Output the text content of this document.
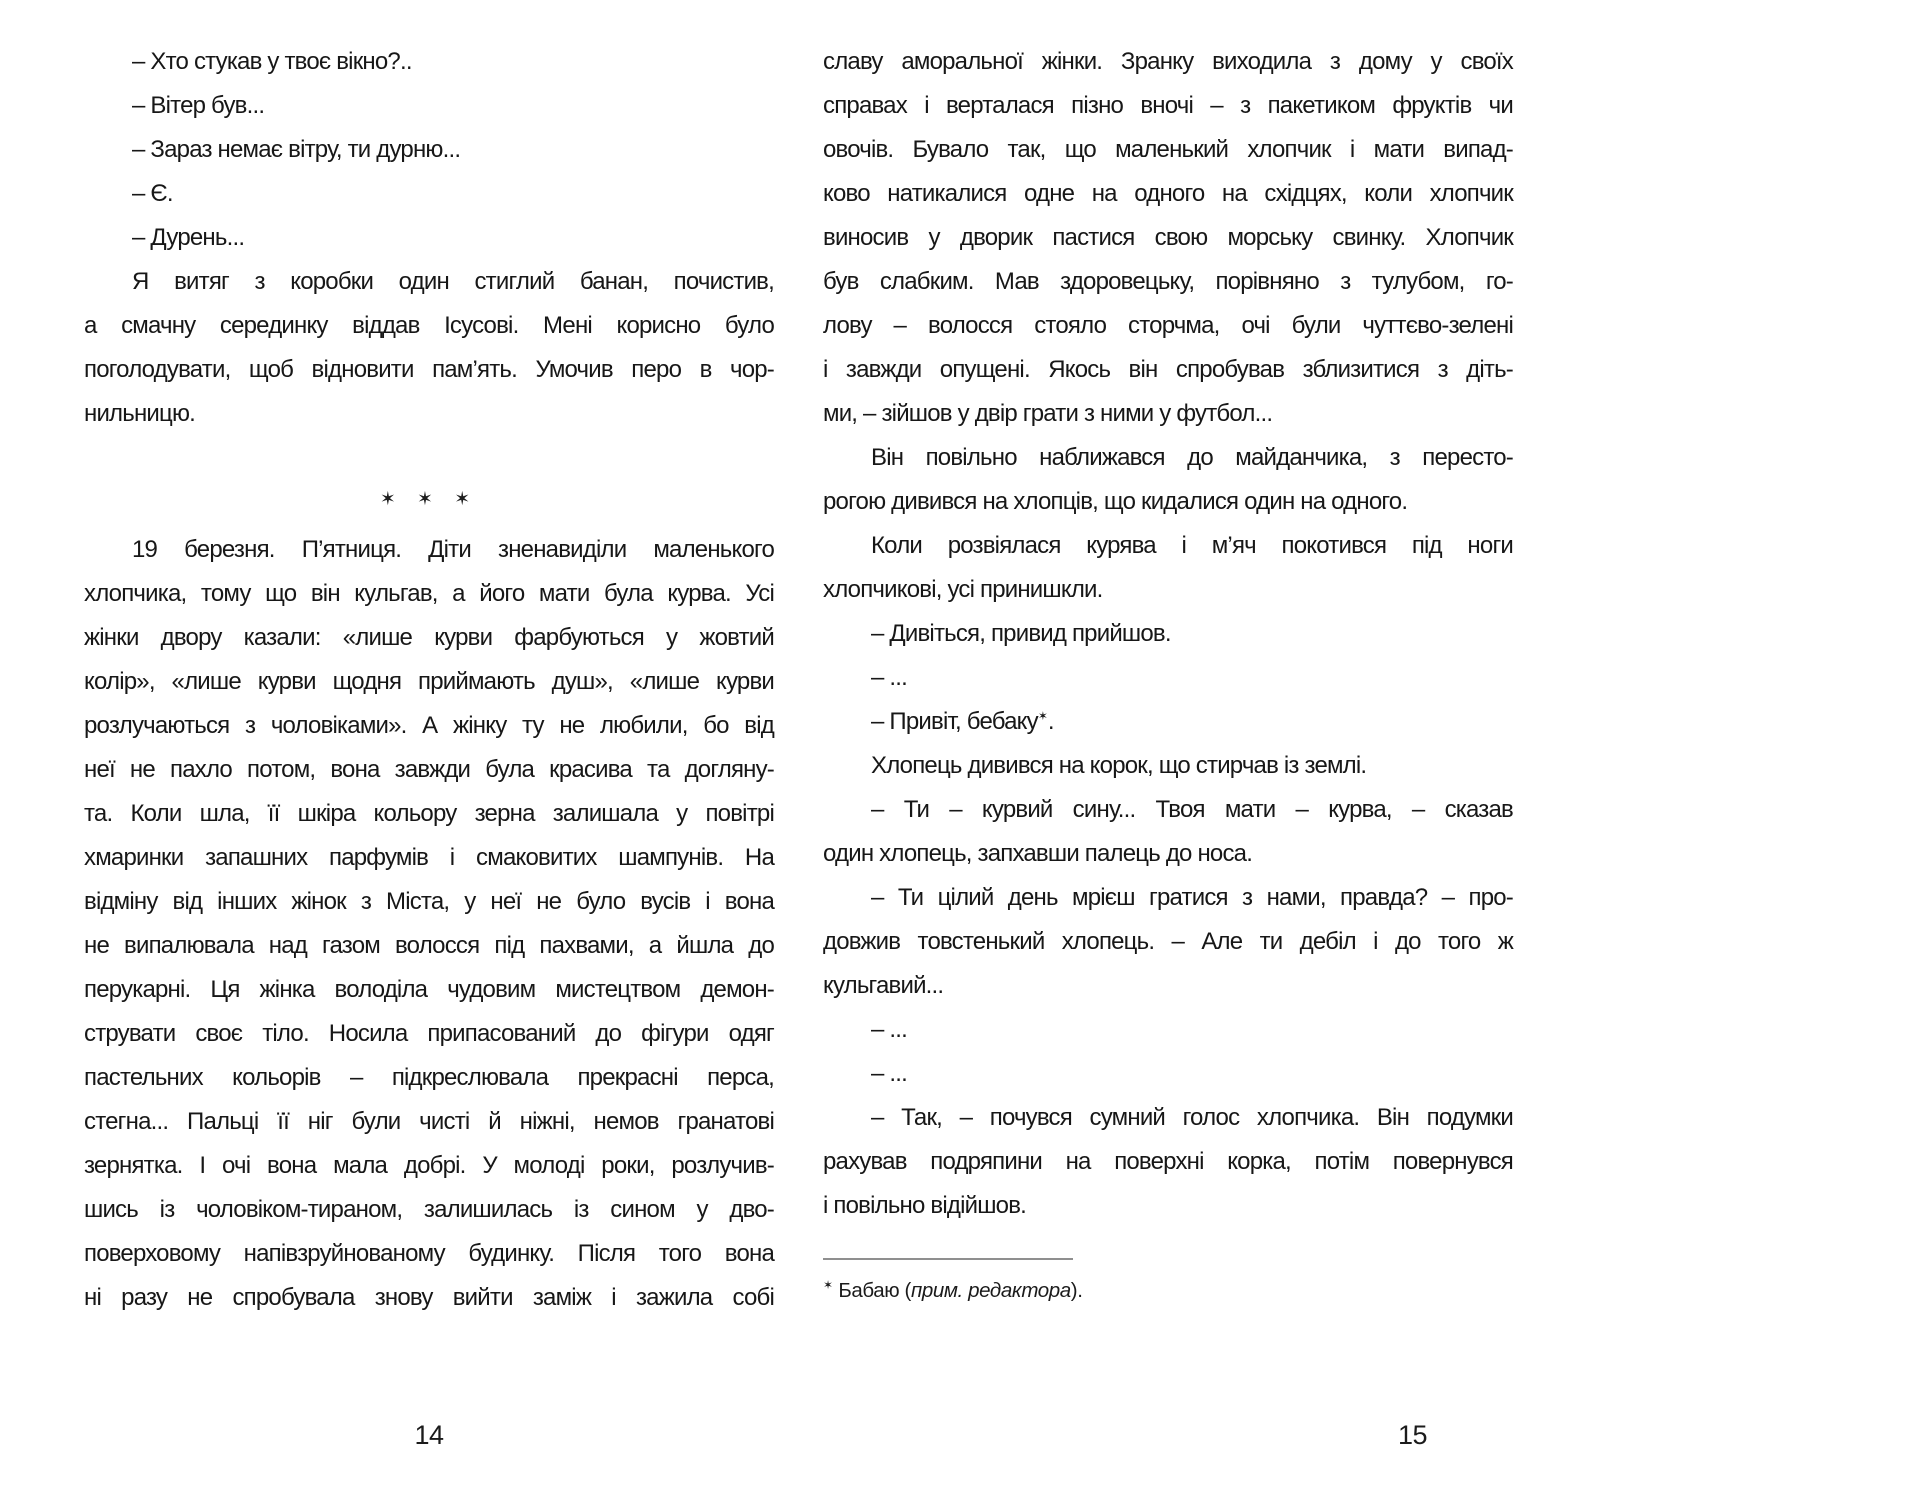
– Хто стукав у твоє вікно?..
– Вітер був...
– Зараз немає вітру, ти дурню...
– Є.
– Дурень...
Я витяг з коробки один стиглий банан, почистив,
а смачну серединку віддав Ісусові. Мені корисно було
поголодувати, щоб відновити пам’ять. Умочив перо в чор-
нильницю.
✶ ✶ ✶
19 березня. П’ятниця. Діти зненавиділи маленького
хлопчика, тому що він кульгав, а його мати була курва. Усі
жінки двору казали: «лише курви фарбуються у жовтий
колір», «лише курви щодня приймають душ», «лише курви
розлучаються з чоловіками». А жінку ту не любили, бо від
неї не пахло потом, вона завжди була красива та догляну-
та. Коли шла, її шкіра кольору зерна залишала у повітрі
хмаринки запашних парфумів і смаковитих шампунів. На
відміну від інших жінок з Міста, у неї не було вусів і вона
не випалювала над газом волосся під пахвами, а йшла до
перукарні. Ця жінка володіла чудовим мистецтвом демон-
струвати своє тіло. Носила припасований до фігури одяг
пастельних кольорів – підкреслювала прекрасні перса,
стегна... Пальці її ніг були чисті й ніжні, немов гранатові
зернятка. І очі вона мала добрі. У молоді роки, розлучив-
шись із чоловіком-тираном, залишилась із сином у дво-
поверховому напівзруйнованому будинку. Після того вона
ні разу не спробувала знову вийти заміж і зажила собі
14
славу аморальної жінки. Зранку виходила з дому у своїх
справах і верталася пізно вночі – з пакетиком фруктів чи
овочів. Бувало так, що маленький хлопчик і мати випад-
ково натикалися одне на одного на східцях, коли хлопчик
виносив у дворик пастися свою морську свинку. Хлопчик
був слабким. Мав здоровецьку, порівняно з тулубом, го-
лову – волосся стояло сторчма, очі були чуттєво-зелені
і завжди опущені. Якось він спробував зблизитися з діть-
ми, – зійшов у двір грати з ними у футбол...
Він повільно наближався до майданчика, з пересто-
рогою дивився на хлопців, що кидалися один на одного.
Коли розвіялася курява і м’яч покотився під ноги
хлопчикові, усі принишкли.
– Дивіться, привид прийшов.
– ...
– Привіт, бебаку✶.
Хлопець дивився на корок, що стирчав із землі.
– Ти – курвий сину... Твоя мати – курва, – сказав
один хлопець, запхавши палець до носа.
– Ти цілий день мрієш гратися з нами, правда? – про-
довжив товстенький хлопець. – Але ти дебіл і до того ж
кульгавий...
– ...
– ...
– Так, – почувся сумний голос хлопчика. Він подумки
рахував подряпини на поверхні корка, потім повернувся
і повільно відійшов.
✶ Бабаю (прим. редактора).
15
